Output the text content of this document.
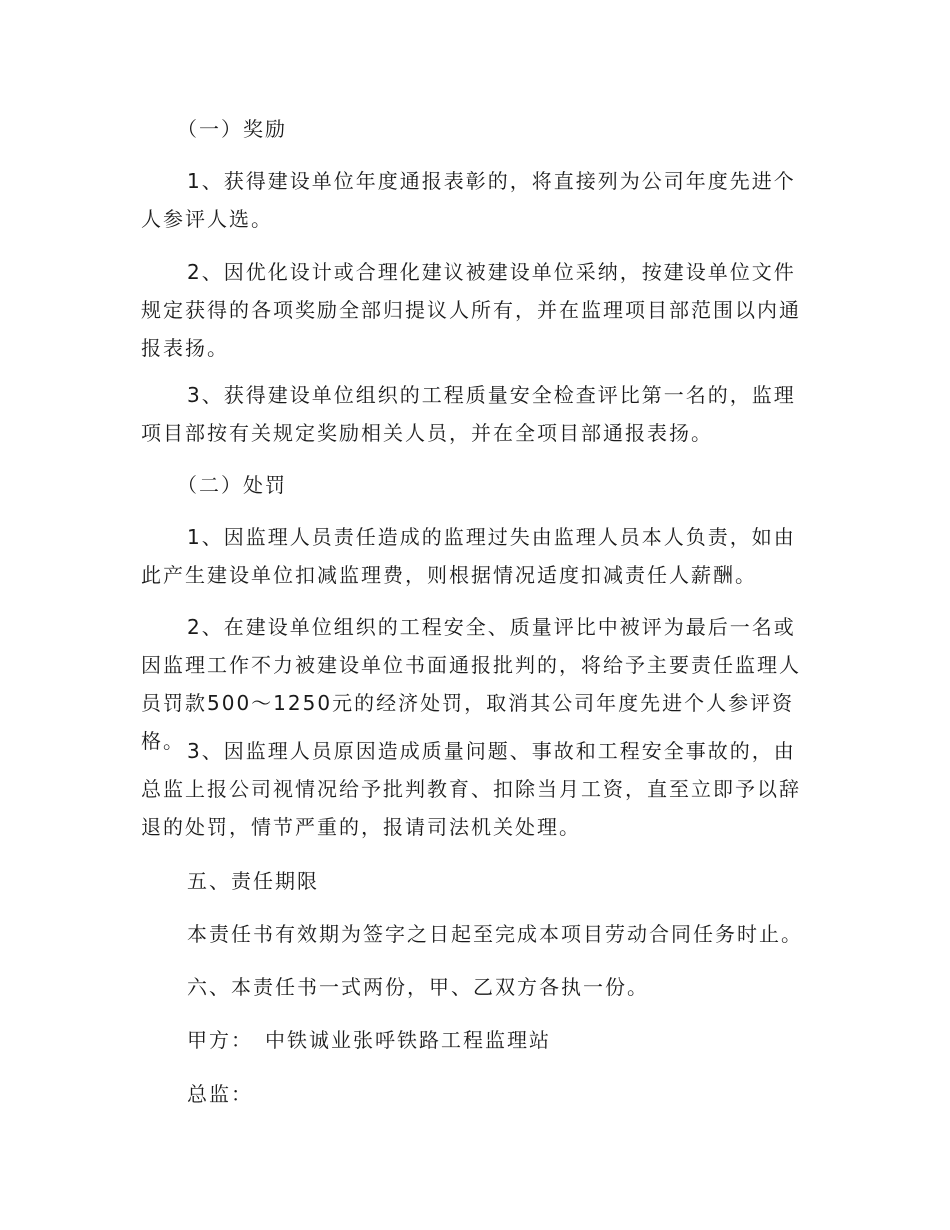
（一）奖励

1、获得建设单位年度通报表彰的，将直接列为公司年度先进个人参评人选。

2、因优化设计或合理化建议被建设单位采纳，按建设单位文件规定获得的各项奖励全部归提议人所有，并在监理项目部范围以内通报表扬。

3、获得建设单位组织的工程质量安全检查评比第一名的，监理项目部按有关规定奖励相关人员，并在全项目部通报表扬。

（二）处罚

1、因监理人员责任造成的监理过失由监理人员本人负责，如由此产生建设单位扣减监理费，则根据情况适度扣减责任人薪酬。

2、在建设单位组织的工程安全、质量评比中被评为最后一名或因监理工作不力被建设单位书面通报批判的，将给予主要责任监理人员罚款500～1250元的经济处罚，取消其公司年度先进个人参评资格。 3、因监理人员原因造成质量问题、事故和工程安全事故的，由总监上报公司视情况给予批判教育、扣除当月工资，直至立即予以辞退的处罚，情节严重的，报请司法机关处理。

五、责任期限

本责任书有效期为签字之日起至完成本项目劳动合同任务时止。

六、本责任书一式两份，甲、乙双方各执一份。

甲方：　中铁诚业张呼铁路工程监理站

总监：
